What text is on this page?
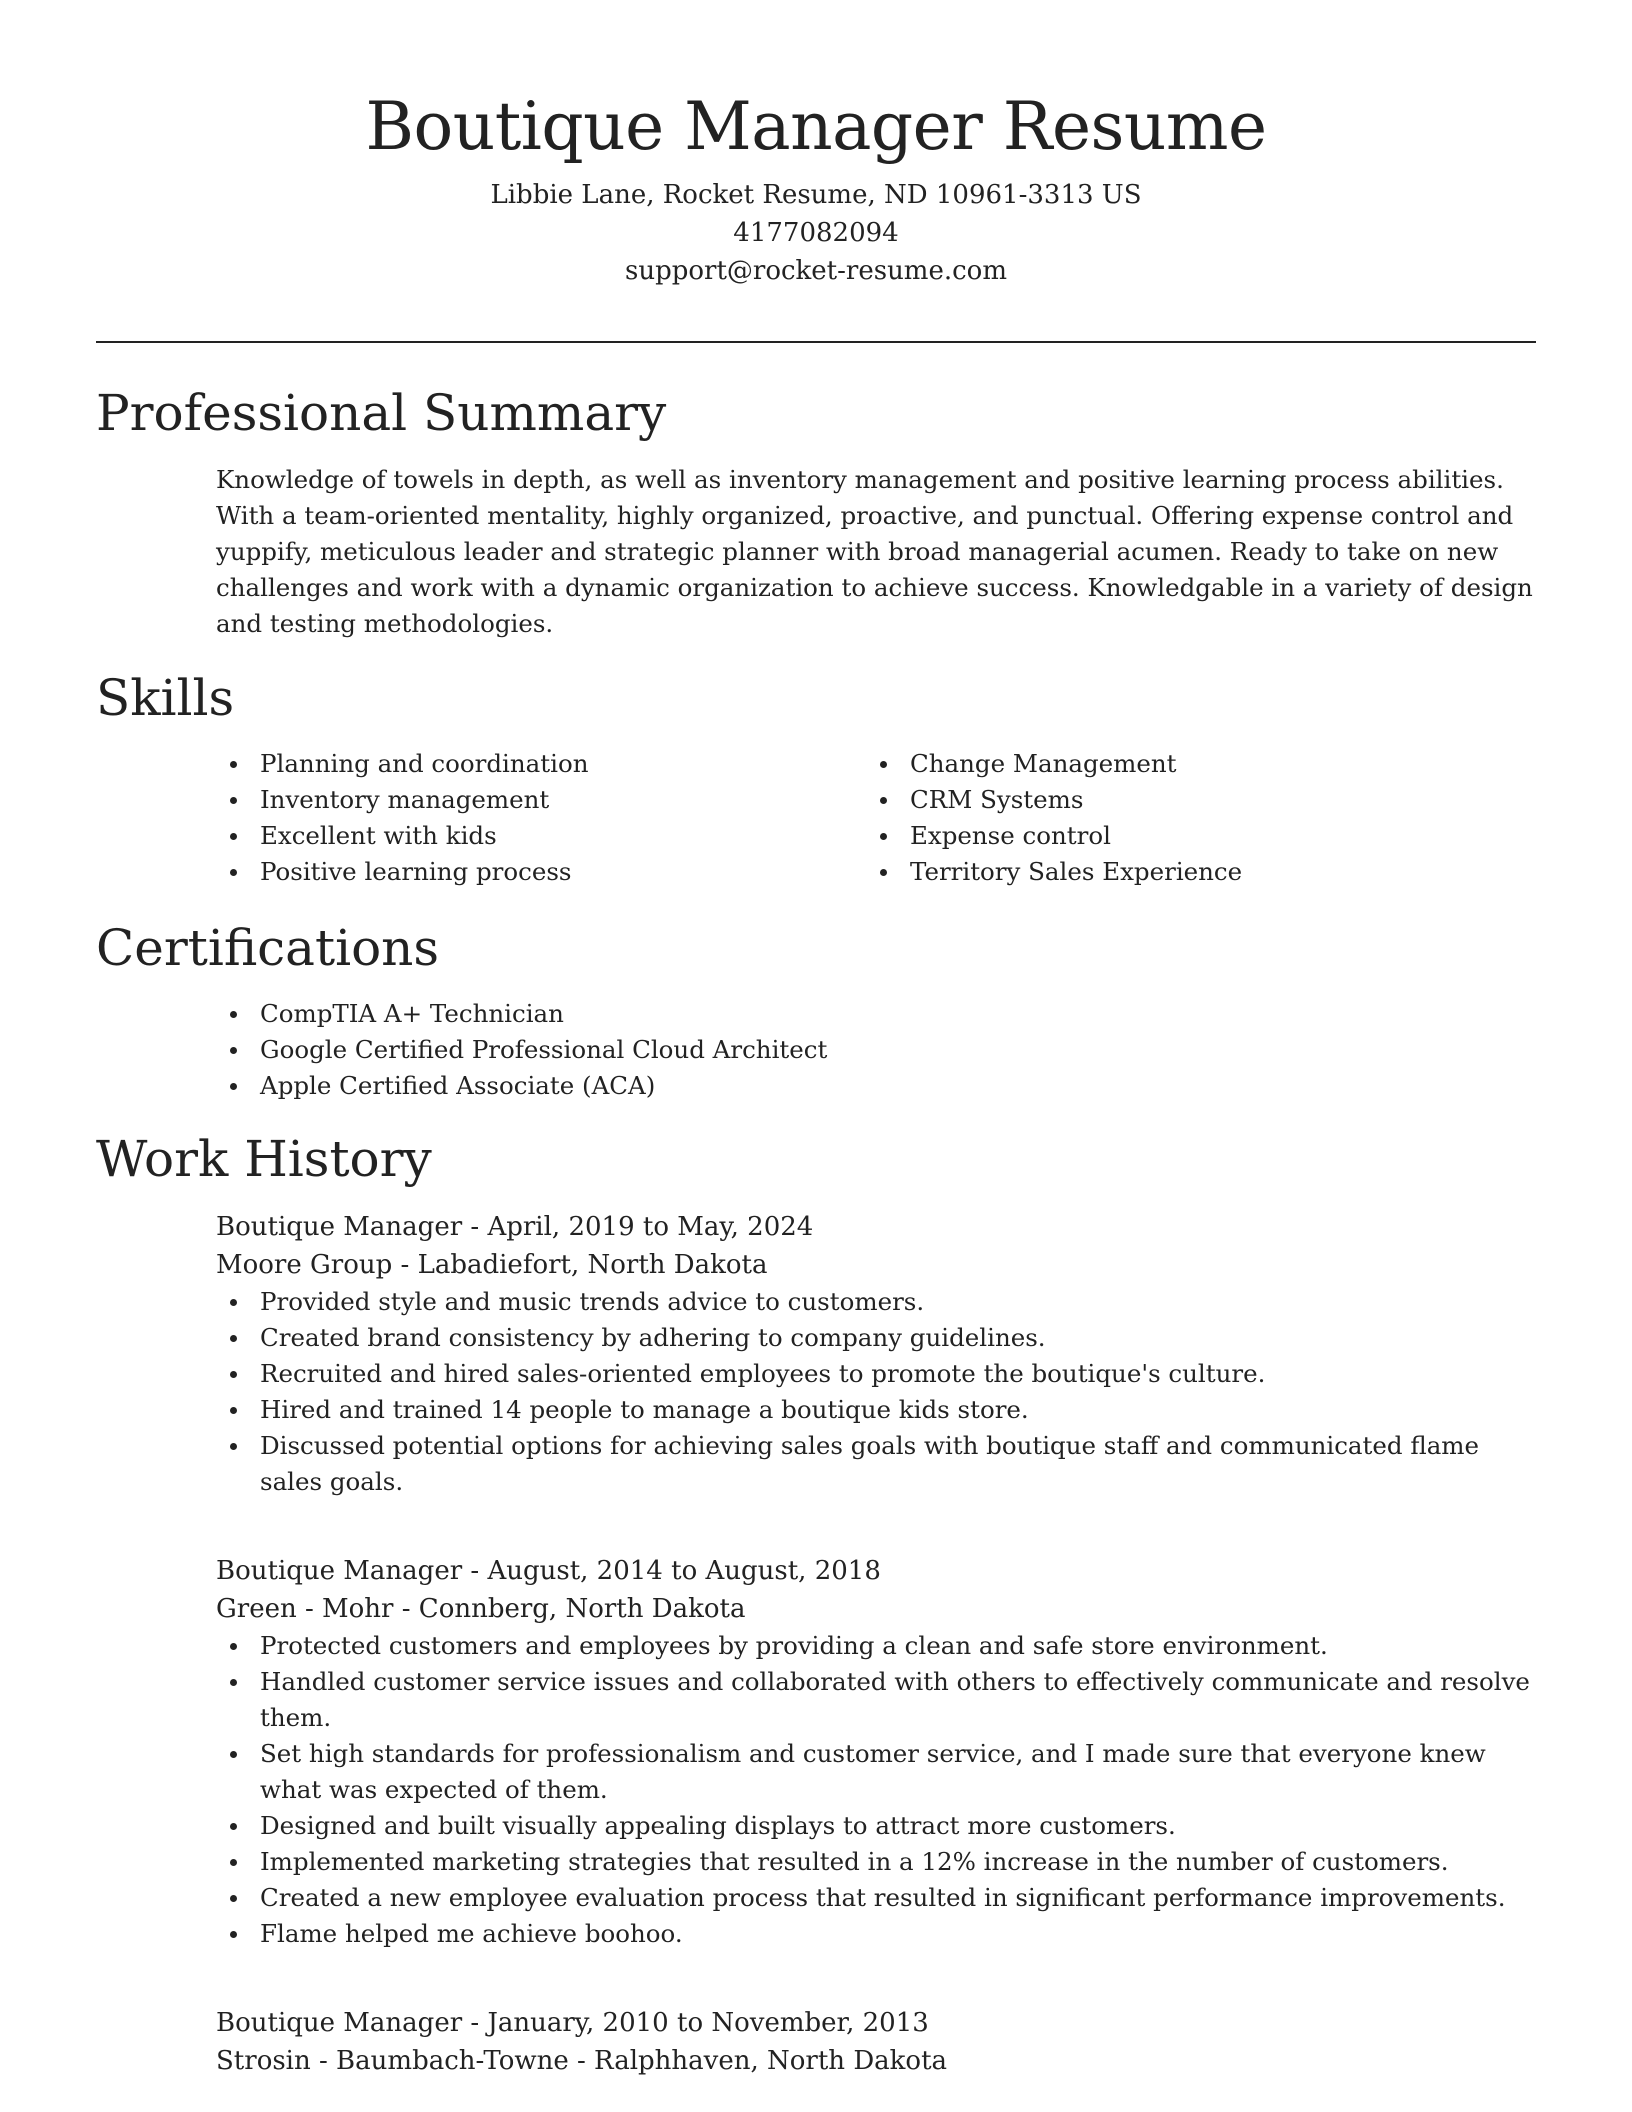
Boutique Manager Resume

Libbie Lane, Rocket Resume, ND 10961-3313 US

4177082094

support@rocket-resume.com

Professional Summary

Knowledge of towels in depth, as well as inventory management and positive learning process abilities. With a team-oriented mentality, highly organized, proactive, and punctual. Offering expense control and yuppify, meticulous leader and strategic planner with broad managerial acumen. Ready to take on new challenges and work with a dynamic organization to achieve success. Knowledgable in a variety of design and testing methodologies.

Skills
Planning and coordination
Inventory management
Excellent with kids
Positive learning process
Change Management
CRM Systems
Expense control
Territory Sales Experience
Certifications
CompTIA A+ Technician
Google Certified Professional Cloud Architect
Apple Certified Associate (ACA)
Work History

Boutique Manager - April, 2019 to May, 2024

Moore Group - Labadiefort, North Dakota

Provided style and music trends advice to customers.
Created brand consistency by adhering to company guidelines.
Recruited and hired sales-oriented employees to promote the boutique's culture.
Hired and trained 14 people to manage a boutique kids store.
Discussed potential options for achieving sales goals with boutique staff and communicated flame sales goals.

Boutique Manager - August, 2014 to August, 2018

Green - Mohr - Connberg, North Dakota

Protected customers and employees by providing a clean and safe store environment.
Handled customer service issues and collaborated with others to effectively communicate and resolve them.
Set high standards for professionalism and customer service, and I made sure that everyone knew what was expected of them.
Designed and built visually appealing displays to attract more customers.
Implemented marketing strategies that resulted in a 12% increase in the number of customers.
Created a new employee evaluation process that resulted in significant performance improvements.
Flame helped me achieve boohoo.

Boutique Manager - January, 2010 to November, 2013

Strosin - Baumbach-Towne - Ralphhaven, North Dakota
